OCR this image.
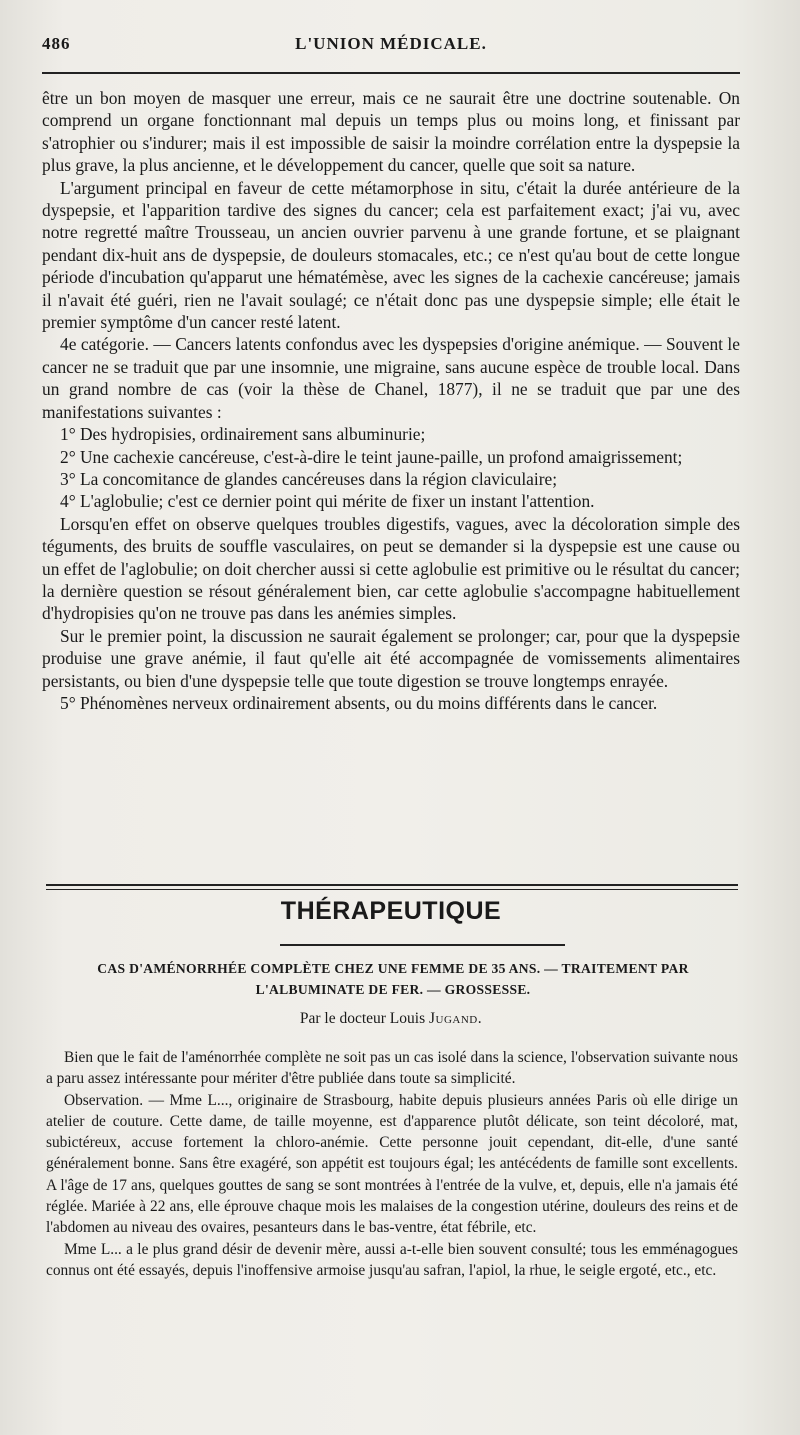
486	L'UNION MÉDICALE.

être un bon moyen de masquer une erreur, mais ce ne saurait être une doctrine soutenable. On comprend un organe fonctionnant mal depuis un temps plus ou moins long, et finissant par s'atrophier ou s'indurer; mais il est impossible de saisir la moindre corrélation entre la dyspepsie la plus grave, la plus ancienne, et le développement du cancer, quelle que soit sa nature.

L'argument principal en faveur de cette métamorphose in situ, c'était la durée antérieure de la dyspepsie, et l'apparition tardive des signes du cancer; cela est parfaitement exact; j'ai vu, avec notre regretté maître Trousseau, un ancien ouvrier parvenu à une grande fortune, et se plaignant pendant dix-huit ans de dyspepsie, de douleurs stomacales, etc.; ce n'est qu'au bout de cette longue période d'incubation qu'apparut une hématémèse, avec les signes de la cachexie cancéreuse; jamais il n'avait été guéri, rien ne l'avait soulagé; ce n'était donc pas une dyspepsie simple; elle était le premier symptôme d'un cancer resté latent.

4e catégorie. — Cancers latents confondus avec les dyspepsies d'origine anémique. — Souvent le cancer ne se traduit que par une insomnie, une migraine, sans aucune espèce de trouble local. Dans un grand nombre de cas (voir la thèse de Chanel, 1877), il ne se traduit que par une des manifestations suivantes :

1° Des hydropisies, ordinairement sans albuminurie;

2° Une cachexie cancéreuse, c'est-à-dire le teint jaune-paille, un profond amaigrissement;

3° La concomitance de glandes cancéreuses dans la région claviculaire;

4° L'aglobulie; c'est ce dernier point qui mérite de fixer un instant l'attention.

Lorsqu'en effet on observe quelques troubles digestifs, vagues, avec la décoloration simple des téguments, des bruits de souffle vasculaires, on peut se demander si la dyspepsie est une cause ou un effet de l'aglobulie; on doit chercher aussi si cette aglobulie est primitive ou le résultat du cancer; la dernière question se résout généralement bien, car cette aglobulie s'accompagne habituellement d'hydropisies qu'on ne trouve pas dans les anémies simples.

Sur le premier point, la discussion ne saurait également se prolonger; car, pour que la dyspepsie produise une grave anémie, il faut qu'elle ait été accompagnée de vomissements alimentaires persistants, ou bien d'une dyspepsie telle que toute digestion se trouve longtemps enrayée.

5° Phénomènes nerveux ordinairement absents, ou du moins différents dans le cancer.

THÉRAPEUTIQUE
CAS D'AMÉNORRHÉE COMPLÈTE CHEZ UNE FEMME DE 35 ANS. — TRAITEMENT PAR
L'ALBUMINATE DE FER. — GROSSESSE.
Par le docteur Louis Jugand.

Bien que le fait de l'aménorrhée complète ne soit pas un cas isolé dans la science, l'observation suivante nous a paru assez intéressante pour mériter d'être publiée dans toute sa simplicité.

Observation. — Mme L..., originaire de Strasbourg, habite depuis plusieurs années Paris où elle dirige un atelier de couture. Cette dame, de taille moyenne, est d'apparence plutôt délicate, son teint décoloré, mat, subictéreux, accuse fortement la chloro-anémie. Cette personne jouit cependant, dit-elle, d'une santé généralement bonne. Sans être exagéré, son appétit est toujours égal; les antécédents de famille sont excellents. A l'âge de 17 ans, quelques gouttes de sang se sont montrées à l'entrée de la vulve, et, depuis, elle n'a jamais été réglée. Mariée à 22 ans, elle éprouve chaque mois les malaises de la congestion utérine, douleurs des reins et de l'abdomen au niveau des ovaires, pesanteurs dans le bas-ventre, état fébrile, etc.

Mme L... a le plus grand désir de devenir mère, aussi a-t-elle bien souvent consulté; tous les emménagogues connus ont été essayés, depuis l'inoffensive armoise jusqu'au safran, l'apiol, la rhue, le seigle ergoté, etc., etc.
